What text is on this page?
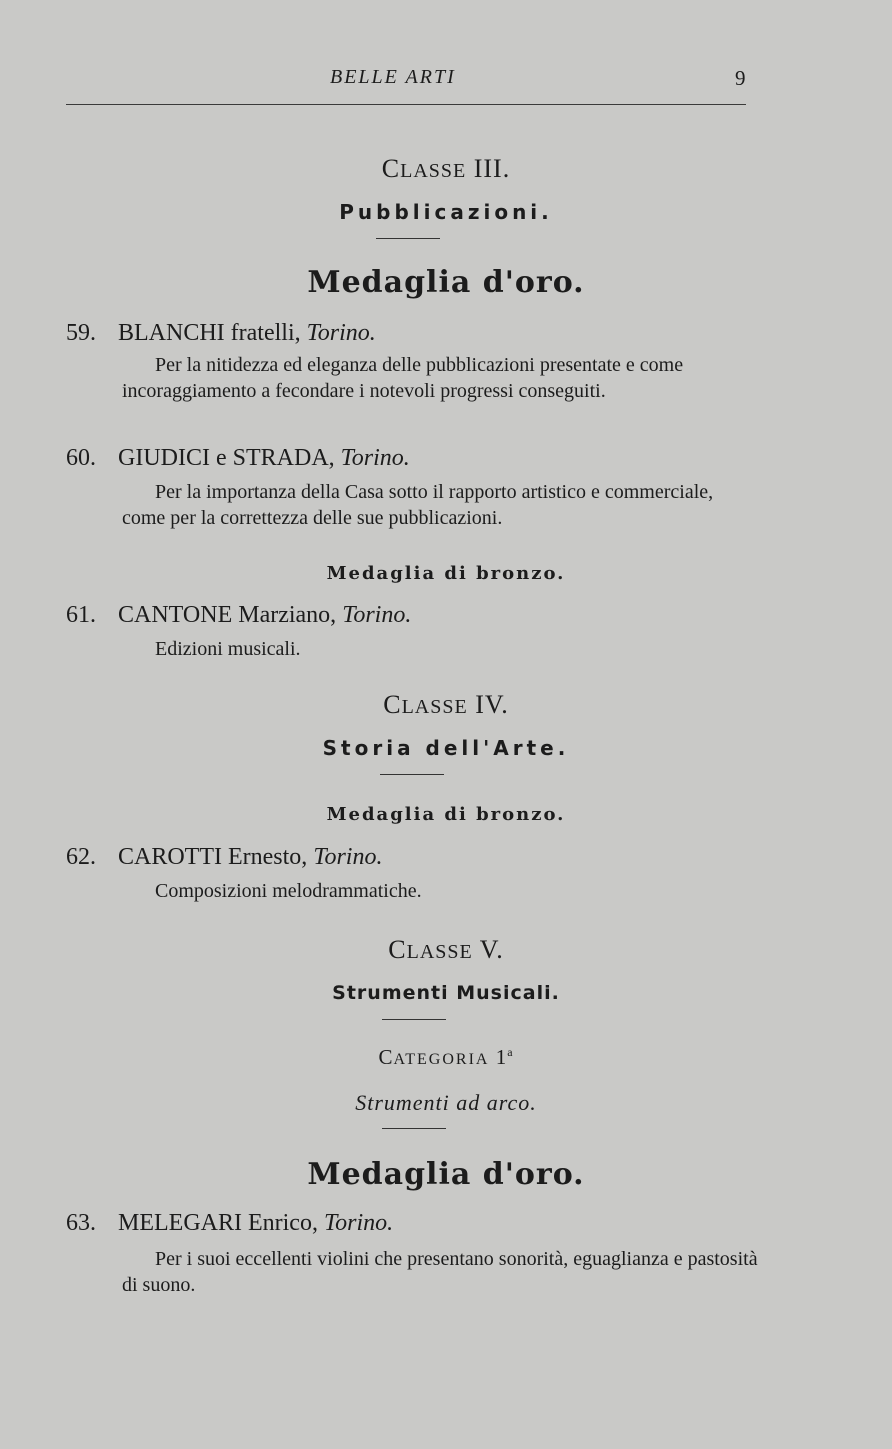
BELLE ARTI	9
CLASSE III.
Pubblicazioni.
Medaglia d'oro.
59. BLANCHI fratelli, Torino.
Per la nitidezza ed eleganza delle pubblicazioni presentate e come incoraggiamento a fecondare i notevoli progressi conseguiti.
60. GIUDICI e STRADA, Torino.
Per la importanza della Casa sotto il rapporto artistico e commerciale, come per la correttezza delle sue pubblicazioni.
Medaglia di bronzo.
61. CANTONE Marziano, Torino.
Edizioni musicali.
CLASSE IV.
Storia dell'Arte.
Medaglia di bronzo.
62. CAROTTI Ernesto, Torino.
Composizioni melodrammatiche.
CLASSE V.
Strumenti Musicali.
CATEGORIA 1$^a$
Strumenti ad arco.
Medaglia d'oro.
63. MELEGARI Enrico, Torino.
Per i suoi eccellenti violini che presentano sonorità, eguaglianza e pastosità di suono.
